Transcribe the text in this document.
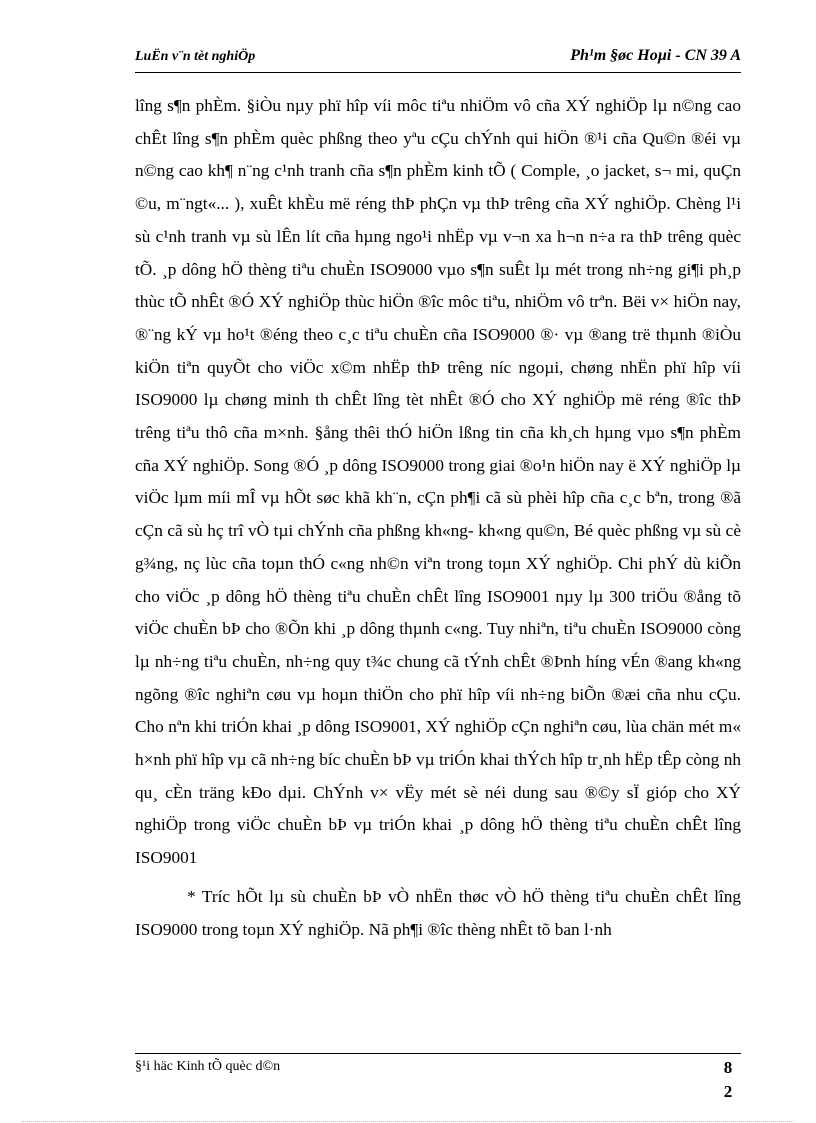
LuËn v¨n tèt nghiÖp	Ph¹m §øc Hoµi - CN 39 A

lîng s¶n phÈm. §iÒu nµy phï hîp víi môc tiªu nhiÖm vô cña XÝ nghiÖp lµ n©ng cao chÊt lîng s¶n phÈm quèc phßng theo yªu cÇu chÝnh qui hiÖn ®¹i cña Qu©n ®éi vµ n©ng cao kh¶ n¨ng c¹nh tranh cña s¶n phÈm kinh tÕ ( Comple, ¸o jacket, s¬ mi, quÇn ©u, m¨ngt«... ), xuÊt khÈu më réng thÞ phÇn vµ thÞ trêng cña XÝ nghiÖp. Chèng l¹i sù c¹nh tranh vµ sù lÊn lít cña hµng ngo¹i nhËp vµ v¬n xa h¬n n÷a ra thÞ trêng quèc tÕ. ¸p dông hÖ thèng tiªu chuÈn ISO9000 vµo s¶n suÊt lµ mét trong nh÷ng gi¶i ph¸p thùc tÕ nhÊt ®Ó XÝ nghiÖp thùc hiÖn ®îc môc tiªu, nhiÖm vô trªn. Bëi v× hiÖn nay, ®¨ng kÝ vµ ho¹t ®éng theo c¸c tiªu chuÈn cña ISO9000 ®· vµ ®ang trë thµnh ®iÒu kiÖn tiªn quyÕt cho viÖc x©m nhËp thÞ trêng níc ngoµi, chøng nhËn phï hîp víi ISO9000 lµ chøng minh th chÊt lîng tèt nhÊt ®Ó cho XÝ nghiÖp më réng ®îc thÞ trêng tiªu thô cña m×nh. §ång thêi thÓ hiÖn lßng tin cña kh¸ch hµng vµo s¶n phÈm cña XÝ nghiÖp. Song ®Ó ¸p dông ISO9000 trong giai ®o¹n hiÖn nay ë XÝ nghiÖp lµ viÖc lµm míi mÎ vµ hÕt søc khã kh¨n, cÇn ph¶i cã sù phèi hîp cña c¸c bªn, trong ®ã cÇn cã sù hç trî vÒ tµi chÝnh cña phßng kh«ng- kh«ng qu©n, Bé quèc phßng vµ sù cè g¾ng, nç lùc cña toµn thÓ c«ng nh©n viªn trong toµn XÝ nghiÖp. Chi phÝ dù kiÕn cho viÖc ¸p dông hÖ thèng tiªu chuÈn chÊt lîng ISO9001 nµy lµ 300 triÖu ®ång tõ viÖc chuÈn bÞ cho ®Õn khi ¸p dông thµnh c«ng. Tuy nhiªn, tiªu chuÈn ISO9000 còng lµ nh÷ng tiªu chuÈn, nh÷ng quy t¾c chung cã tÝnh chÊt ®Þnh híng vÉn ®ang kh«ng ngõng ®îc nghiªn cøu vµ hoµn thiÖn cho phï hîp víi nh÷ng biÕn ®æi cña nhu cÇu. Cho nªn khi triÓn khai ¸p dông ISO9001, XÝ nghiÖp cÇn nghiªn cøu, lùa chän mét m« h×nh phï hîp vµ cã nh÷ng bíc chuÈn bÞ vµ triÓn khai thÝch hîp tr¸nh hËp tÊp còng nh qu¸ cÈn träng kÐo dµi. ChÝnh v× vËy mét sè néi dung sau ®©y sÏ gióp cho XÝ nghiÖp trong viÖc chuÈn bÞ vµ triÓn khai ¸p dông hÖ thèng tiªu chuÈn chÊt lîng ISO9001

* Tríc hÕt lµ sù chuÈn bÞ vÒ nhËn thøc vÒ hÖ thèng tiªu chuÈn chÊt lîng ISO9000 trong toµn XÝ nghiÖp. Nã ph¶i ®îc thèng nhÊt tõ ban l·nh

§¹i häc Kinh tÕ quèc d©n	8
2
